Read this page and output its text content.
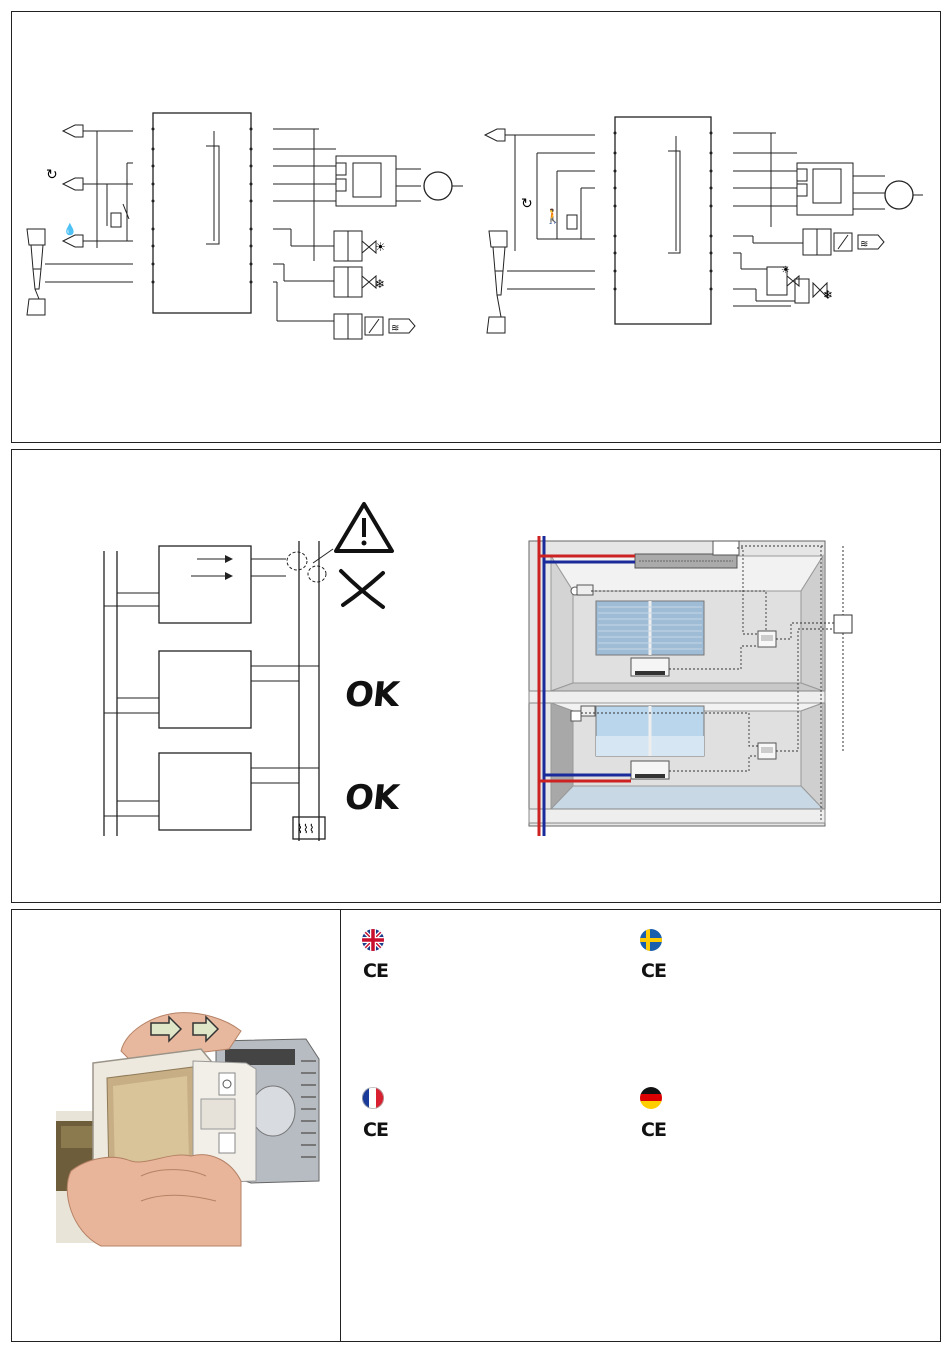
↻
💧
☀
❄
≋
↻
🚶
≋
☀
❄
⌇⌇⌇
OK
OK
CE	CE
CE	CE
